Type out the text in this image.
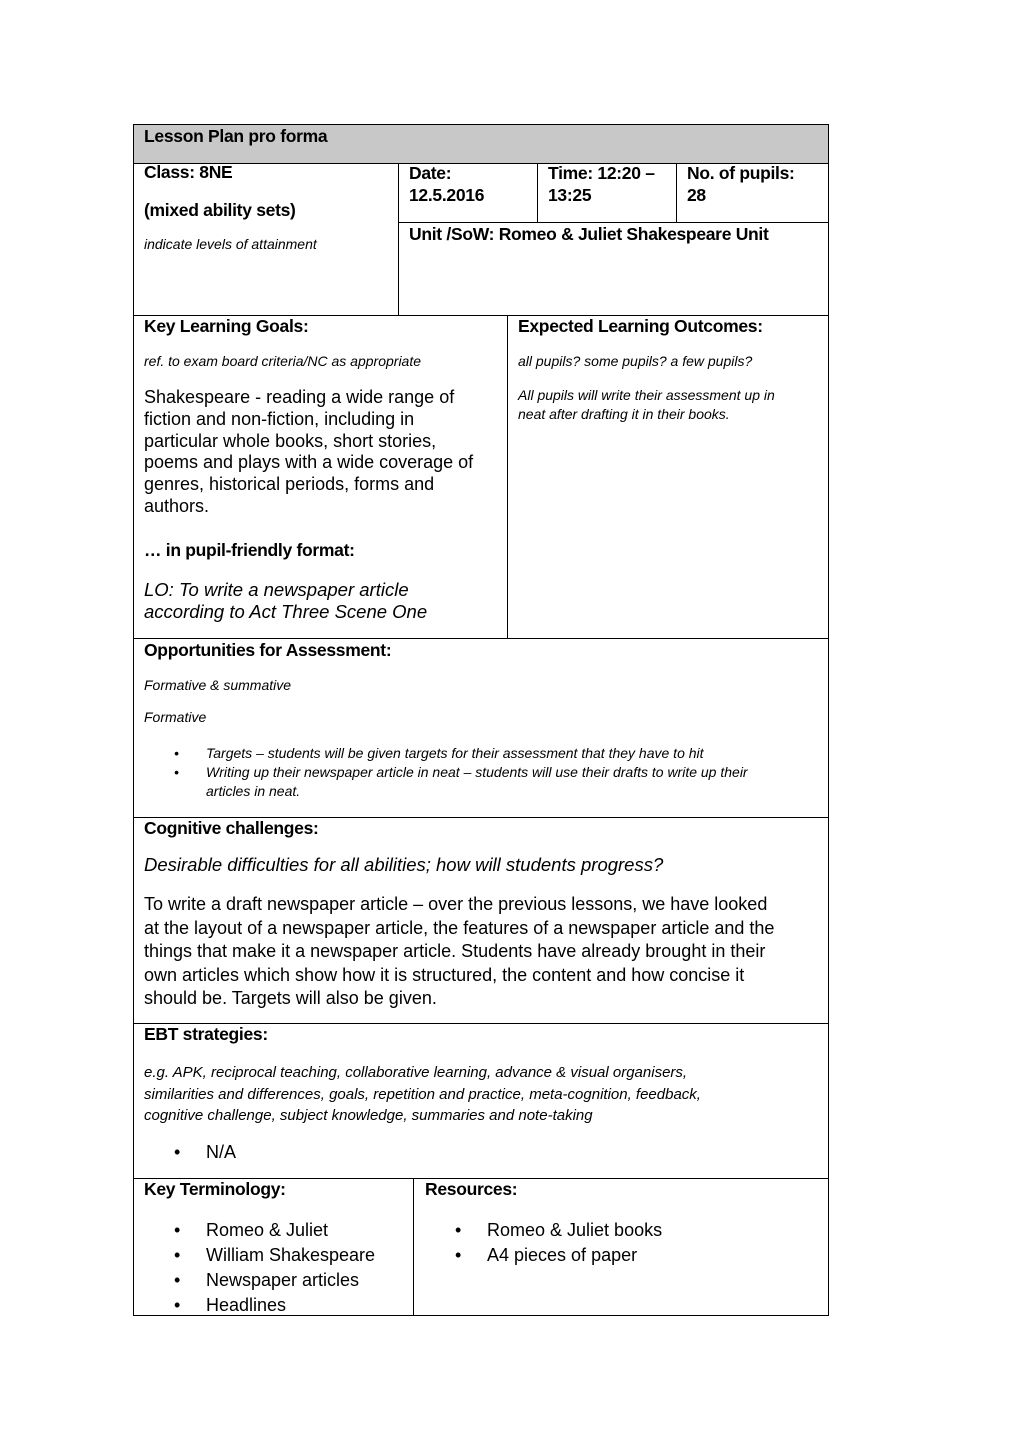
Lesson Plan pro forma
Class: 8NE
(mixed ability sets)
indicate levels of attainment
Date:
12.5.2016
Time: 12:20 –
13:25
No. of pupils:
28
Unit /SoW: Romeo & Juliet Shakespeare Unit
Key Learning Goals:
ref. to exam board criteria/NC as appropriate
Shakespeare - reading a wide range of
fiction and non-fiction, including in
particular whole books, short stories,
poems and plays with a wide coverage of
genres, historical periods, forms and
authors.
… in pupil-friendly format:
LO: To write a newspaper article
according to Act Three Scene One
Expected Learning Outcomes:
all pupils? some pupils? a few pupils?
All pupils will write their assessment up in
neat after drafting it in their books.
Opportunities for Assessment:
Formative & summative
Formative
• Targets – students will be given targets for their assessment that they have to hit
• Writing up their newspaper article in neat – students will use their drafts to write up their
articles in neat.
Cognitive challenges:
Desirable difficulties for all abilities; how will students progress?
To write a draft newspaper article – over the previous lessons, we have looked
at the layout of a newspaper article, the features of a newspaper article and the
things that make it a newspaper article. Students have already brought in their
own articles which show how it is structured, the content and how concise it
should be. Targets will also be given.
EBT strategies:
e.g. APK, reciprocal teaching, collaborative learning, advance & visual organisers,
similarities and differences, goals, repetition and practice, meta-cognition, feedback,
cognitive challenge, subject knowledge, summaries and note-taking
• N/A
Key Terminology:
• Romeo & Juliet
• William Shakespeare
• Newspaper articles
• Headlines
Resources:
• Romeo & Juliet books
• A4 pieces of paper
